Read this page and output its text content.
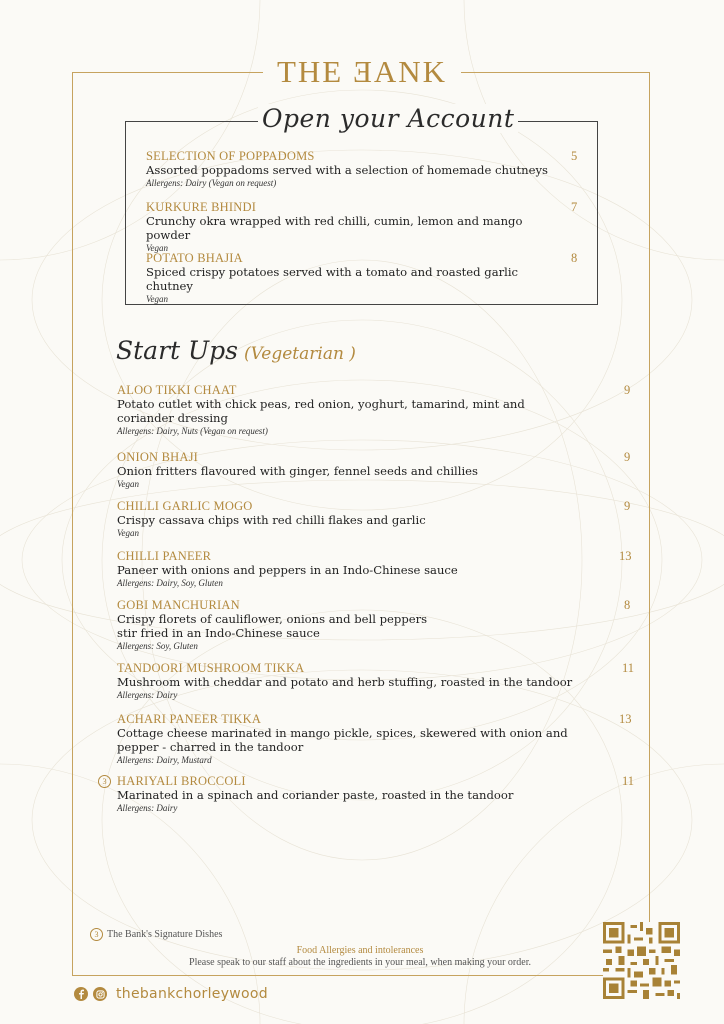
THE ƎANK
Open your Account
SELECTION OF POPPADOMS
Assorted poppadoms served with a selection of homemade chutneys
Allergens: Dairy (Vegan on request)
5
KURKURE BHINDI
Crunchy okra wrapped with red chilli, cumin, lemon and mango powder
Vegan
7
POTATO BHAJIA
Spiced crispy potatoes served with a tomato and roasted garlic chutney
Vegan
8
Start Ups (Vegetarian )
ALOO TIKKI CHAAT
Potato cutlet with chick peas, red onion, yoghurt, tamarind, mint and
coriander dressing
Allergens: Dairy, Nuts (Vegan on request)
9
ONION BHAJI
Onion fritters flavoured with ginger, fennel seeds and chillies
Vegan
9
CHILLI GARLIC MOGO
Crispy cassava chips with red chilli flakes and garlic
Vegan
9
CHILLI PANEER
Paneer with onions and peppers in an Indo-Chinese sauce
Allergens: Dairy, Soy, Gluten
13
GOBI MANCHURIAN
Crispy florets of cauliflower, onions and bell peppers
stir fried in an Indo-Chinese sauce
Allergens: Soy, Gluten
8
TANDOORI MUSHROOM TIKKA
Mushroom with cheddar and potato and herb stuffing, roasted in the tandoor
Allergens: Dairy
11
ACHARI PANEER TIKKA
Cottage cheese marinated in mango pickle, spices, skewered with onion and
pepper - charred in the tandoor
Allergens: Dairy, Mustard
13
3 HARIYALI BROCCOLI
Marinated in a spinach and coriander paste, roasted in the tandoor
Allergens: Dairy
11
3 The Bank's Signature Dishes
Food Allergies and intolerances
Please speak to our staff about the ingredients in your meal, when making your order.
thebankchorleywood
